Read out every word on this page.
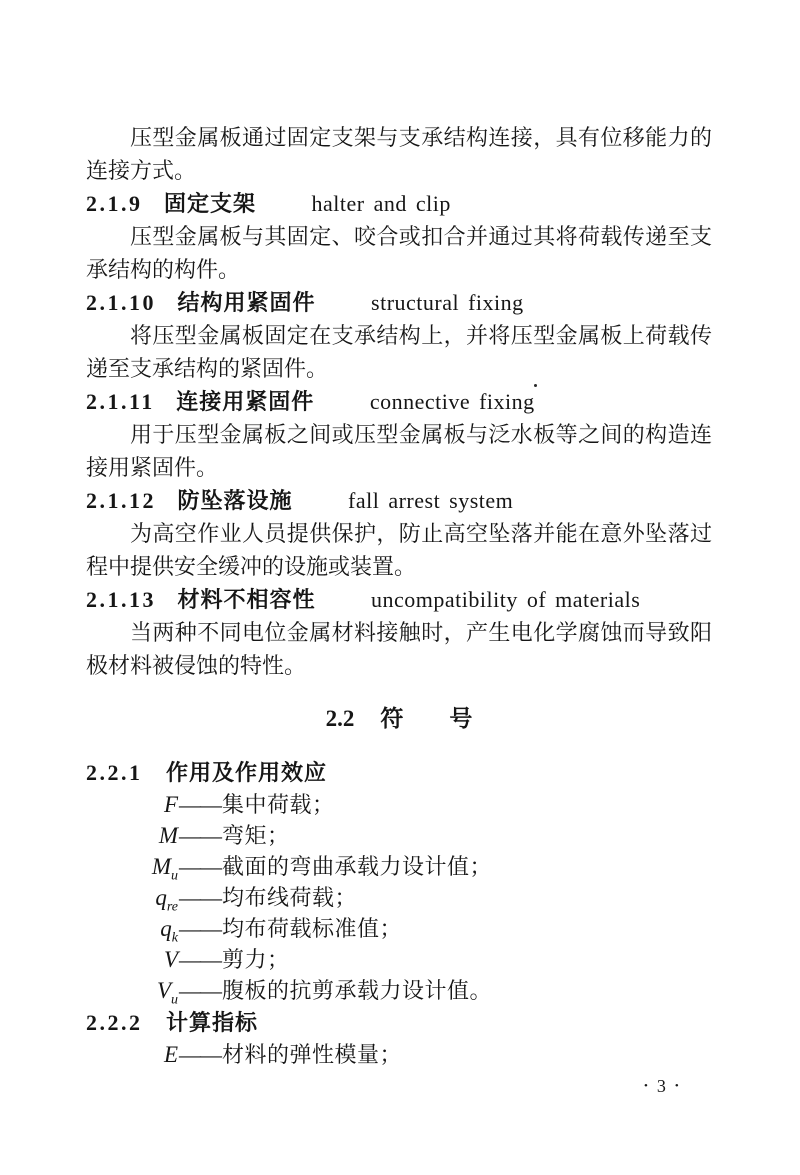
压型金属板通过固定支架与支承结构连接，具有位移能力的
连接方式。
2.1.9 固定支架	halter and clip
压型金属板与其固定、咬合或扣合并通过其将荷载传递至支
承结构的构件。
2.1.10 结构用紧固件	structural fixing
将压型金属板固定在支承结构上，并将压型金属板上荷载传
递至支承结构的紧固件。
2.1.11 连接用紧固件	connective fixing
用于压型金属板之间或压型金属板与泛水板等之间的构造连
接用紧固件。
2.1.12 防坠落设施	fall arrest system
为高空作业人员提供保护，防止高空坠落并能在意外坠落过
程中提供安全缓冲的设施或装置。
2.1.13 材料不相容性	uncompatibility of materials
当两种不同电位金属材料接触时，产生电化学腐蚀而导致阳
极材料被侵蚀的特性。
2.2 符 号
2.2.1 作用及作用效应
F——集中荷载；
M——弯矩；
$M_u——$截面的弯曲承载力设计值；
$q_{re}——$均布线荷载；
$q_k——$均布荷载标准值；
V——剪力；
$V_u——$腹板的抗剪承载力设计值。
2.2.2 计算指标
E——材料的弹性模量；
• 3 •
